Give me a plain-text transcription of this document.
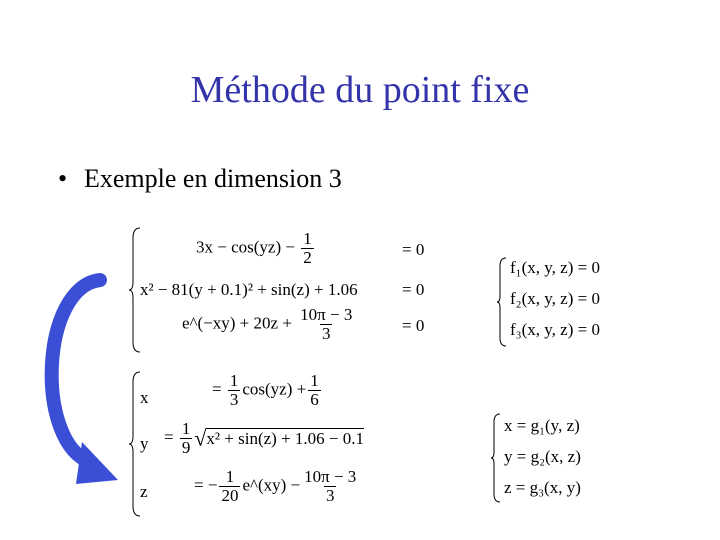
Méthode du point fixe
• Exemple en dimension 3
$3x - \cos(yz) - \frac{1}{2}$	= 0
x² − 81(y + 0.1)² + sin(z) + 1.06	= 0
e^(−xy) + $20z + \frac{10\pi - 3}{3}$	= 0
f₁(x, y, z) = 0
f₂(x, y, z) = 0
f₃(x, y, z) = 0
x	= $\frac{1}{3} \cos(yz) + \frac{1}{6}$
$y = \frac{1}{9} √x^2 + \sin(z) + 1.06 - 0.1$
z	= − $\frac{1}{20}$ e^(xy) − $\frac{10\pi - 3}{3}$
x = g₁(y, z)
y = g₂(x, z)
z = g₃(x, y)
